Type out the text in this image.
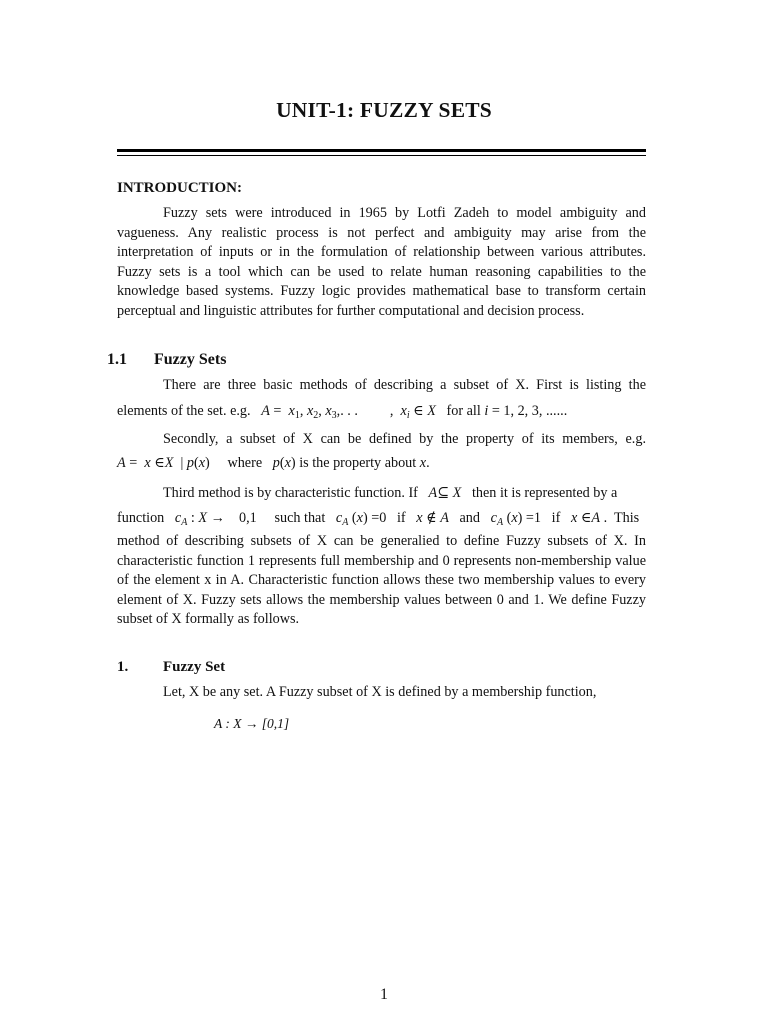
UNIT-1: FUZZY SETS
INTRODUCTION:
Fuzzy sets were introduced in 1965 by Lotfi Zadeh to model ambiguity and vagueness. Any realistic process is not perfect and ambiguity may arise from the interpretation of inputs or in the formulation of relationship between various attributes. Fuzzy sets is a tool which can be used to relate human reasoning capabilities to the knowledge based systems. Fuzzy logic provides mathematical base to transform certain perceptual and linguistic attributes for further computational and decision process.
1.1 Fuzzy Sets
There are three basic methods of describing a subset of X. First is listing the
elements of the set. e.g. $A = x_1$, $x_2$, $x_3$,. . .         ,  $x_i$ ∈ X for all i = 1, 2, 3, ......
Secondly, a subset of X can be defined by the property of its members, e.g.
A =  x ∈X  | p(x)     where p(x) is the property about x.
Third method is by characteristic function. If A⊆ X then it is represented by a
function $c_A$ : X →    0,1     such that $c_A$ (x) =0   if x ∉ A and $c_A$ (x) =1   if x ∈A .  This
method of describing subsets of X can be generalied to define Fuzzy subsets of X. In characteristic function 1 represents full membership and 0 represents non-membership value of the element x in A. Characteristic function allows these two membership values to every element of X. Fuzzy sets allows the membership values between 0 and 1. We define Fuzzy subset of X formally as follows.
1. Fuzzy Set
Let, X be any set. A Fuzzy subset of X is defined by a membership function,
A : X → [0,1]
1
